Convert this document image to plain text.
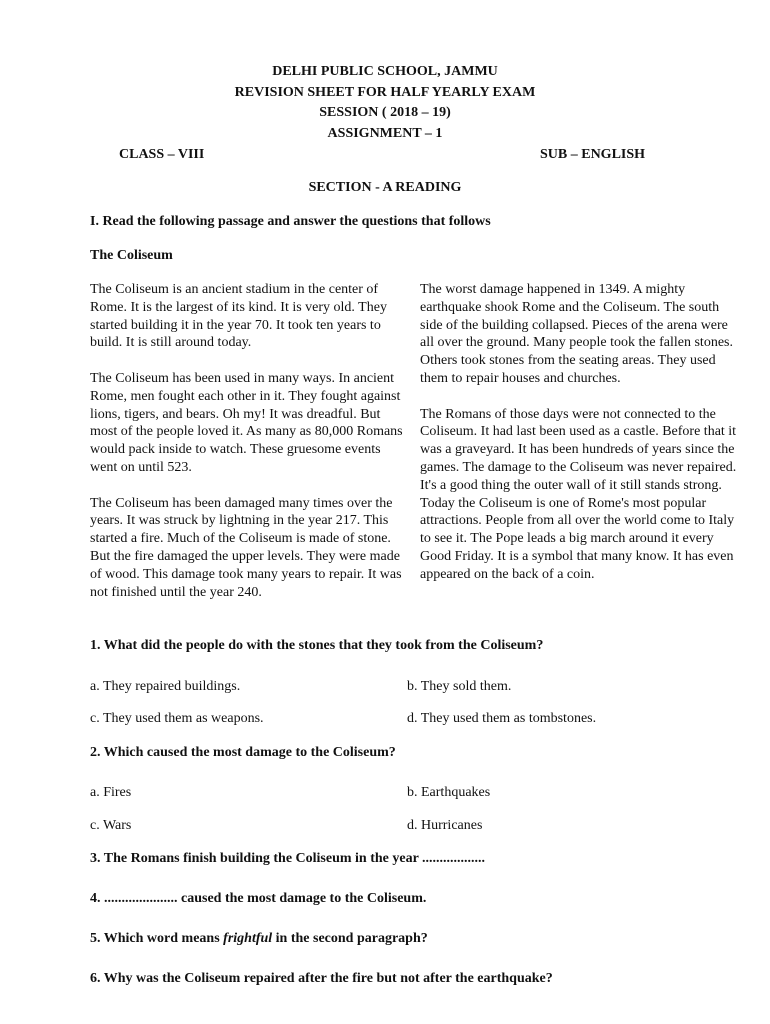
DELHI PUBLIC SCHOOL, JAMMU
REVISION SHEET FOR HALF YEARLY EXAM
SESSION ( 2018 – 19)
ASSIGNMENT – 1
CLASS – VIII	SUB – ENGLISH
SECTION - A READING
I. Read the following passage and answer the questions that follows
The Coliseum

The Coliseum is an ancient stadium in the center of Rome. It is the largest of its kind. It is very old. They started building it in the year 70. It took ten years to build. It is still around today.

The Coliseum has been used in many ways. In ancient Rome, men fought each other in it. They fought against lions, tigers, and bears. Oh my! It was dreadful. But most of the people loved it. As many as 80,000 Romans would pack inside to watch. These gruesome events went on until 523.

The Coliseum has been damaged many times over the years. It was struck by lightning in the year 217. This started a fire. Much of the Coliseum is made of stone. But the fire damaged the upper levels. They were made of wood. This damage took many years to repair. It was not finished until the year 240.

The worst damage happened in 1349. A mighty earthquake shook Rome and the Coliseum. The south side of the building collapsed. Pieces of the arena were all over the ground. Many people took the fallen stones. Others took stones from the seating areas. They used them to repair houses and churches.

The Romans of those days were not connected to the Coliseum. It had last been used as a castle. Before that it was a graveyard. It has been hundreds of years since the games. The damage to the Coliseum was never repaired. It's a good thing the outer wall of it still stands strong. Today the Coliseum is one of Rome's most popular attractions. People from all over the world come to Italy to see it. The Pope leads a big march around it every Good Friday. It is a symbol that many know. It has even appeared on the back of a coin.

1. What did the people do with the stones that they took from the Coliseum?
a. They repaired buildings.	b. They sold them.
c. They used them as weapons.	d. They used them as tombstones.
2. Which caused the most damage to the Coliseum?
a. Fires	b. Earthquakes
c. Wars	d. Hurricanes
3. The Romans finish building the Coliseum in the year ..................
4. ..................... caused the most damage to the Coliseum.
5. Which word means frightful in the second paragraph?
6. Why was the Coliseum repaired after the fire but not after the earthquake?
